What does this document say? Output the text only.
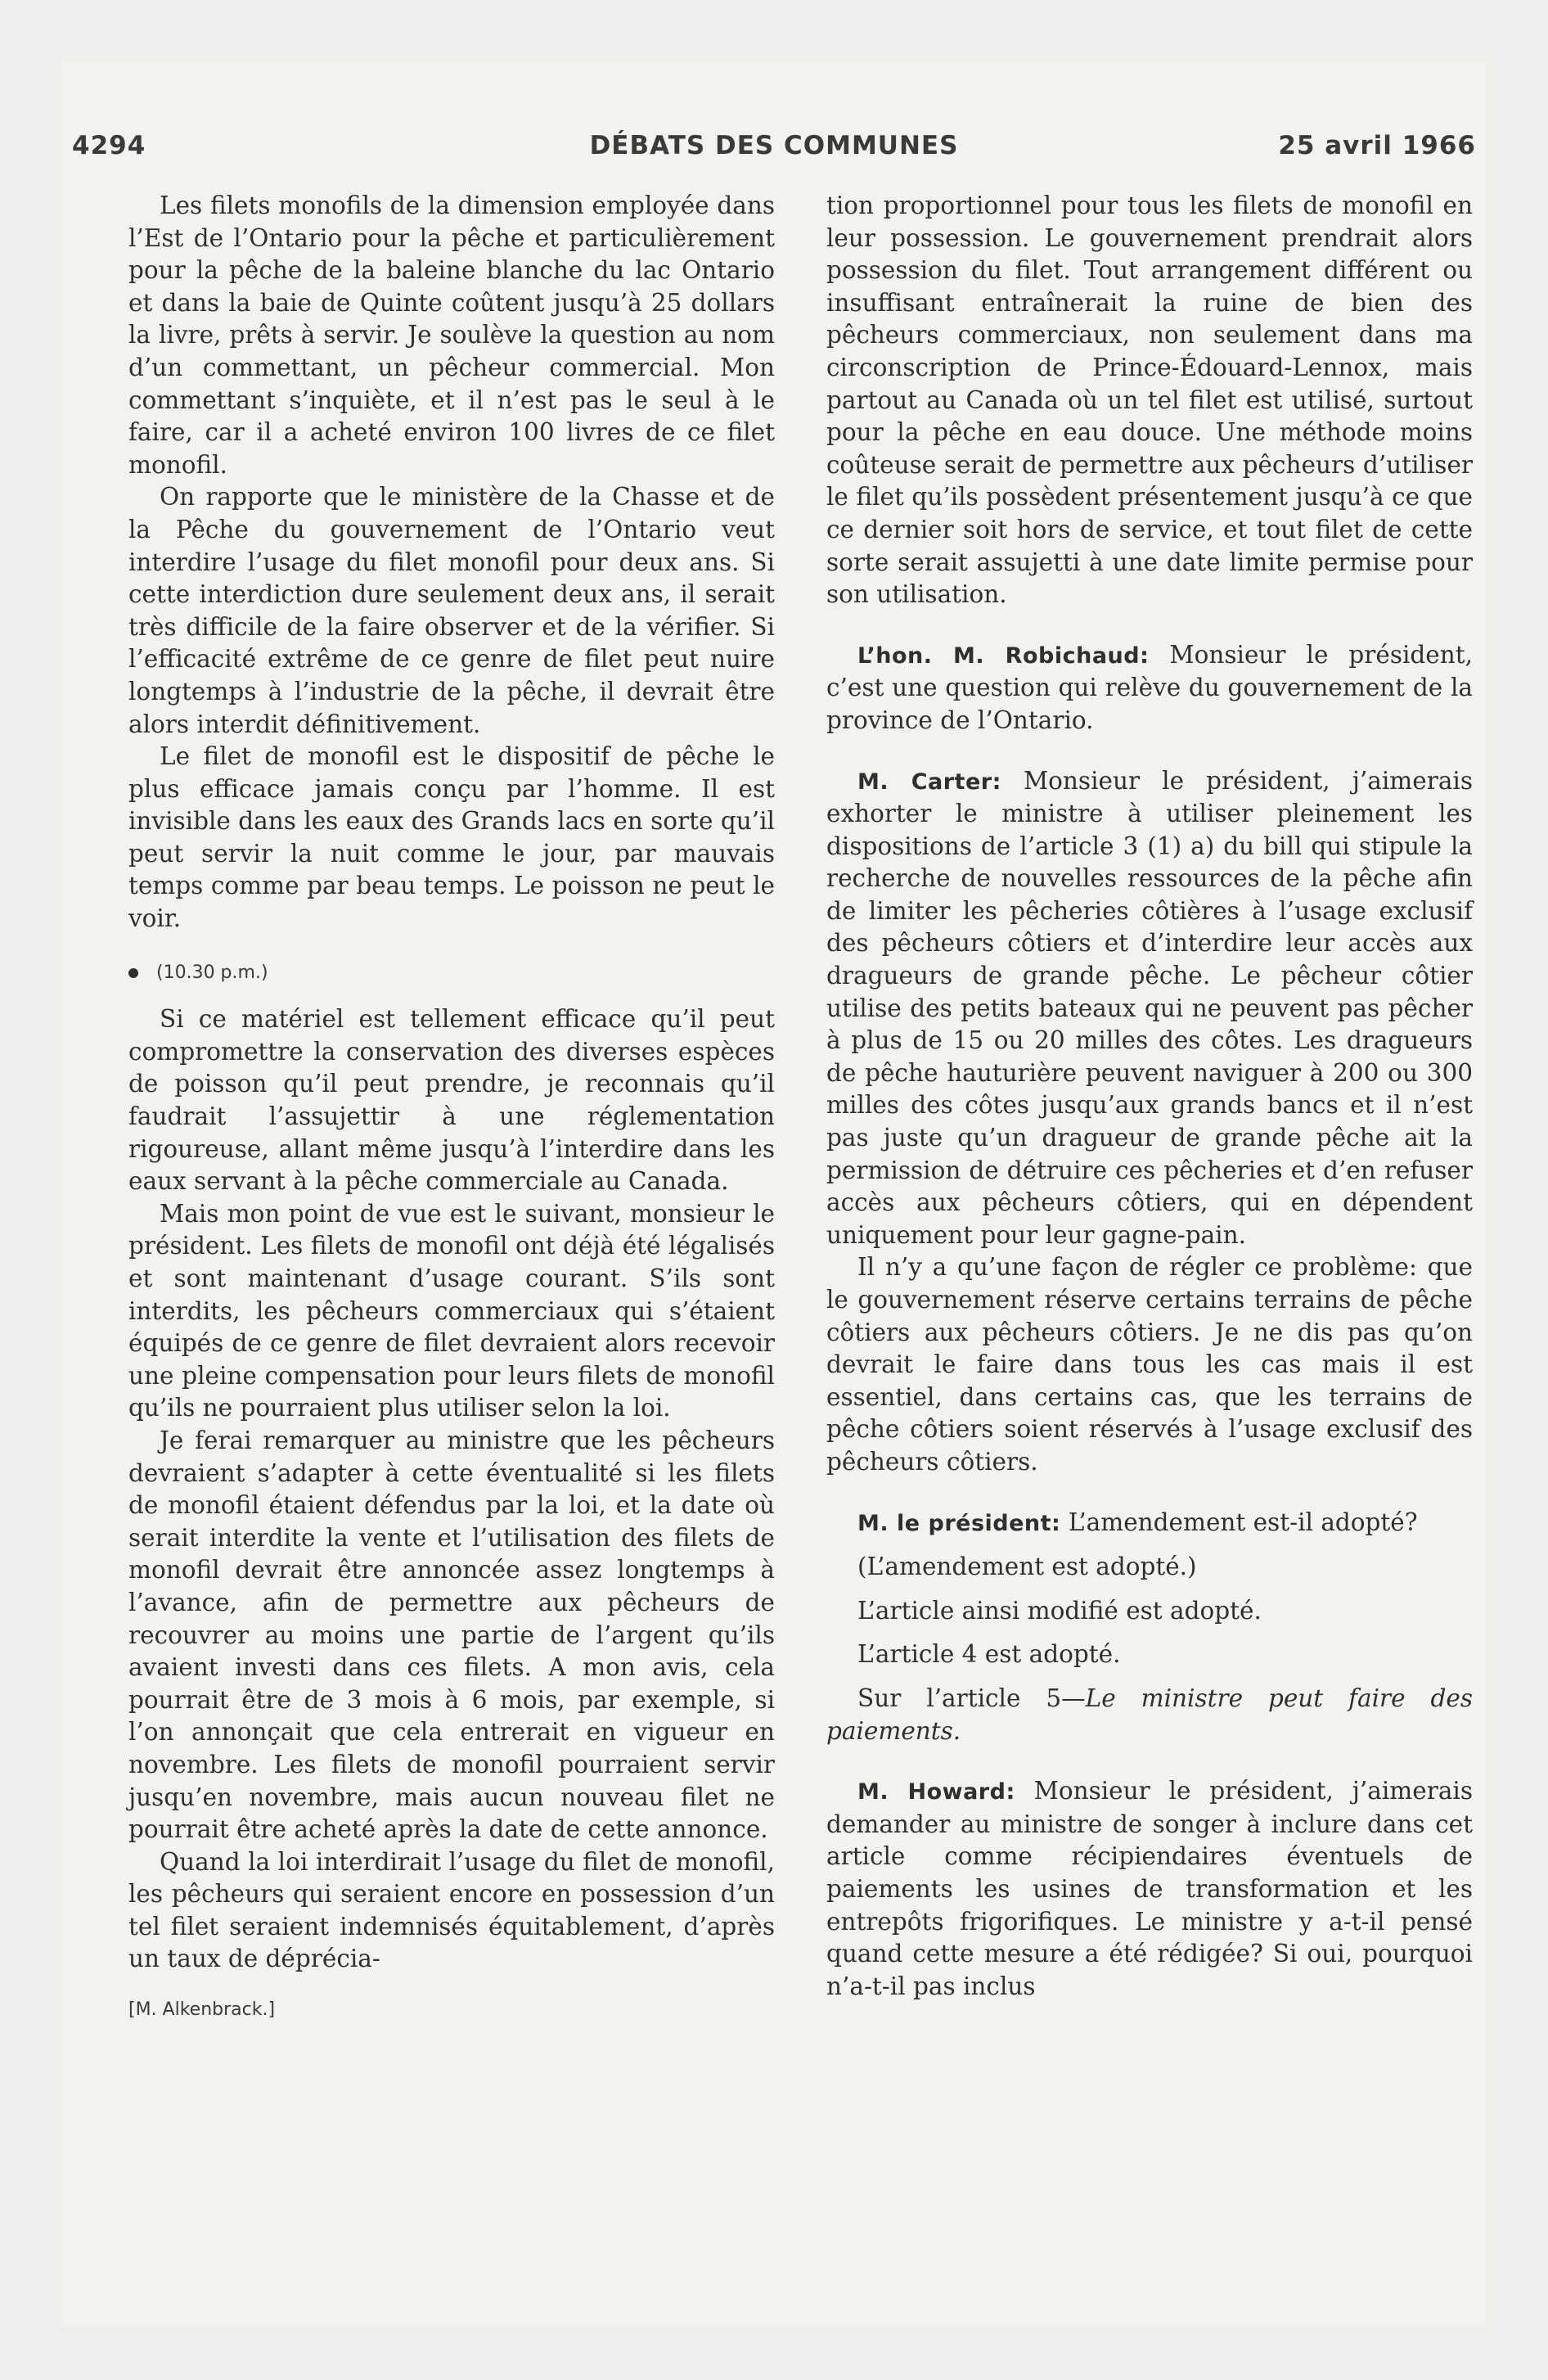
4294	DÉBATS DES COMMUNES	25 avril 1966

Les filets monofils de la dimension employée dans l’Est de l’Ontario pour la pêche et particulièrement pour la pêche de la baleine blanche du lac Ontario et dans la baie de Quinte coûtent jusqu’à 25 dollars la livre, prêts à servir. Je soulève la question au nom d’un commettant, un pêcheur commercial. Mon commettant s’inquiète, et il n’est pas le seul à le faire, car il a acheté environ 100 livres de ce filet monofil.

On rapporte que le ministère de la Chasse et de la Pêche du gouvernement de l’Ontario veut interdire l’usage du filet monofil pour deux ans. Si cette interdiction dure seulement deux ans, il serait très difficile de la faire observer et de la vérifier. Si l’efficacité extrême de ce genre de filet peut nuire longtemps à l’industrie de la pêche, il devrait être alors interdit définitivement.

Le filet de monofil est le dispositif de pêche le plus efficace jamais conçu par l’homme. Il est invisible dans les eaux des Grands lacs en sorte qu’il peut servir la nuit comme le jour, par mauvais temps comme par beau temps. Le poisson ne peut le voir.

(10.30 p.m.)

Si ce matériel est tellement efficace qu’il peut compromettre la conservation des diverses espèces de poisson qu’il peut prendre, je reconnais qu’il faudrait l’assujettir à une réglementation rigoureuse, allant même jusqu’à l’interdire dans les eaux servant à la pêche commerciale au Canada.

Mais mon point de vue est le suivant, monsieur le président. Les filets de monofil ont déjà été légalisés et sont maintenant d’usage courant. S’ils sont interdits, les pêcheurs commerciaux qui s’étaient équipés de ce genre de filet devraient alors recevoir une pleine compensation pour leurs filets de monofil qu’ils ne pourraient plus utiliser selon la loi.

Je ferai remarquer au ministre que les pêcheurs devraient s’adapter à cette éventualité si les filets de monofil étaient défendus par la loi, et la date où serait interdite la vente et l’utilisation des filets de monofil devrait être annoncée assez longtemps à l’avance, afin de permettre aux pêcheurs de recouvrer au moins une partie de l’argent qu’ils avaient investi dans ces filets. A mon avis, cela pourrait être de 3 mois à 6 mois, par exemple, si l’on annonçait que cela entrerait en vigueur en novembre. Les filets de monofil pourraient servir jusqu’en novembre, mais aucun nouveau filet ne pourrait être acheté après la date de cette annonce.

Quand la loi interdirait l’usage du filet de monofil, les pêcheurs qui seraient encore en possession d’un tel filet seraient indemnisés équitablement, d’après un taux de déprécia-

[M. Alkenbrack.]

tion proportionnel pour tous les filets de monofil en leur possession. Le gouvernement prendrait alors possession du filet. Tout arrangement différent ou insuffisant entraînerait la ruine de bien des pêcheurs commerciaux, non seulement dans ma circonscription de Prince-Édouard-Lennox, mais partout au Canada où un tel filet est utilisé, surtout pour la pêche en eau douce. Une méthode moins coûteuse serait de permettre aux pêcheurs d’utiliser le filet qu’ils possèdent présentement jusqu’à ce que ce dernier soit hors de service, et tout filet de cette sorte serait assujetti à une date limite permise pour son utilisation.

L’hon. M. Robichaud: Monsieur le président, c’est une question qui relève du gouvernement de la province de l’Ontario.

M. Carter: Monsieur le président, j’aimerais exhorter le ministre à utiliser pleinement les dispositions de l’article 3 (1) a) du bill qui stipule la recherche de nouvelles ressources de la pêche afin de limiter les pêcheries côtières à l’usage exclusif des pêcheurs côtiers et d’interdire leur accès aux dragueurs de grande pêche. Le pêcheur côtier utilise des petits bateaux qui ne peuvent pas pêcher à plus de 15 ou 20 milles des côtes. Les dragueurs de pêche hauturière peuvent naviguer à 200 ou 300 milles des côtes jusqu’aux grands bancs et il n’est pas juste qu’un dragueur de grande pêche ait la permission de détruire ces pêcheries et d’en refuser accès aux pêcheurs côtiers, qui en dépendent uniquement pour leur gagne-pain.

Il n’y a qu’une façon de régler ce problème: que le gouvernement réserve certains terrains de pêche côtiers aux pêcheurs côtiers. Je ne dis pas qu’on devrait le faire dans tous les cas mais il est essentiel, dans certains cas, que les terrains de pêche côtiers soient réservés à l’usage exclusif des pêcheurs côtiers.

M. le président: L’amendement est-il adopté?

(L’amendement est adopté.)

L’article ainsi modifié est adopté.

L’article 4 est adopté.

Sur l’article 5—Le ministre peut faire des paiements.

M. Howard: Monsieur le président, j’aimerais demander au ministre de songer à inclure dans cet article comme récipiendaires éventuels de paiements les usines de transformation et les entrepôts frigorifiques. Le ministre y a-t-il pensé quand cette mesure a été rédigée? Si oui, pourquoi n’a-t-il pas inclus
